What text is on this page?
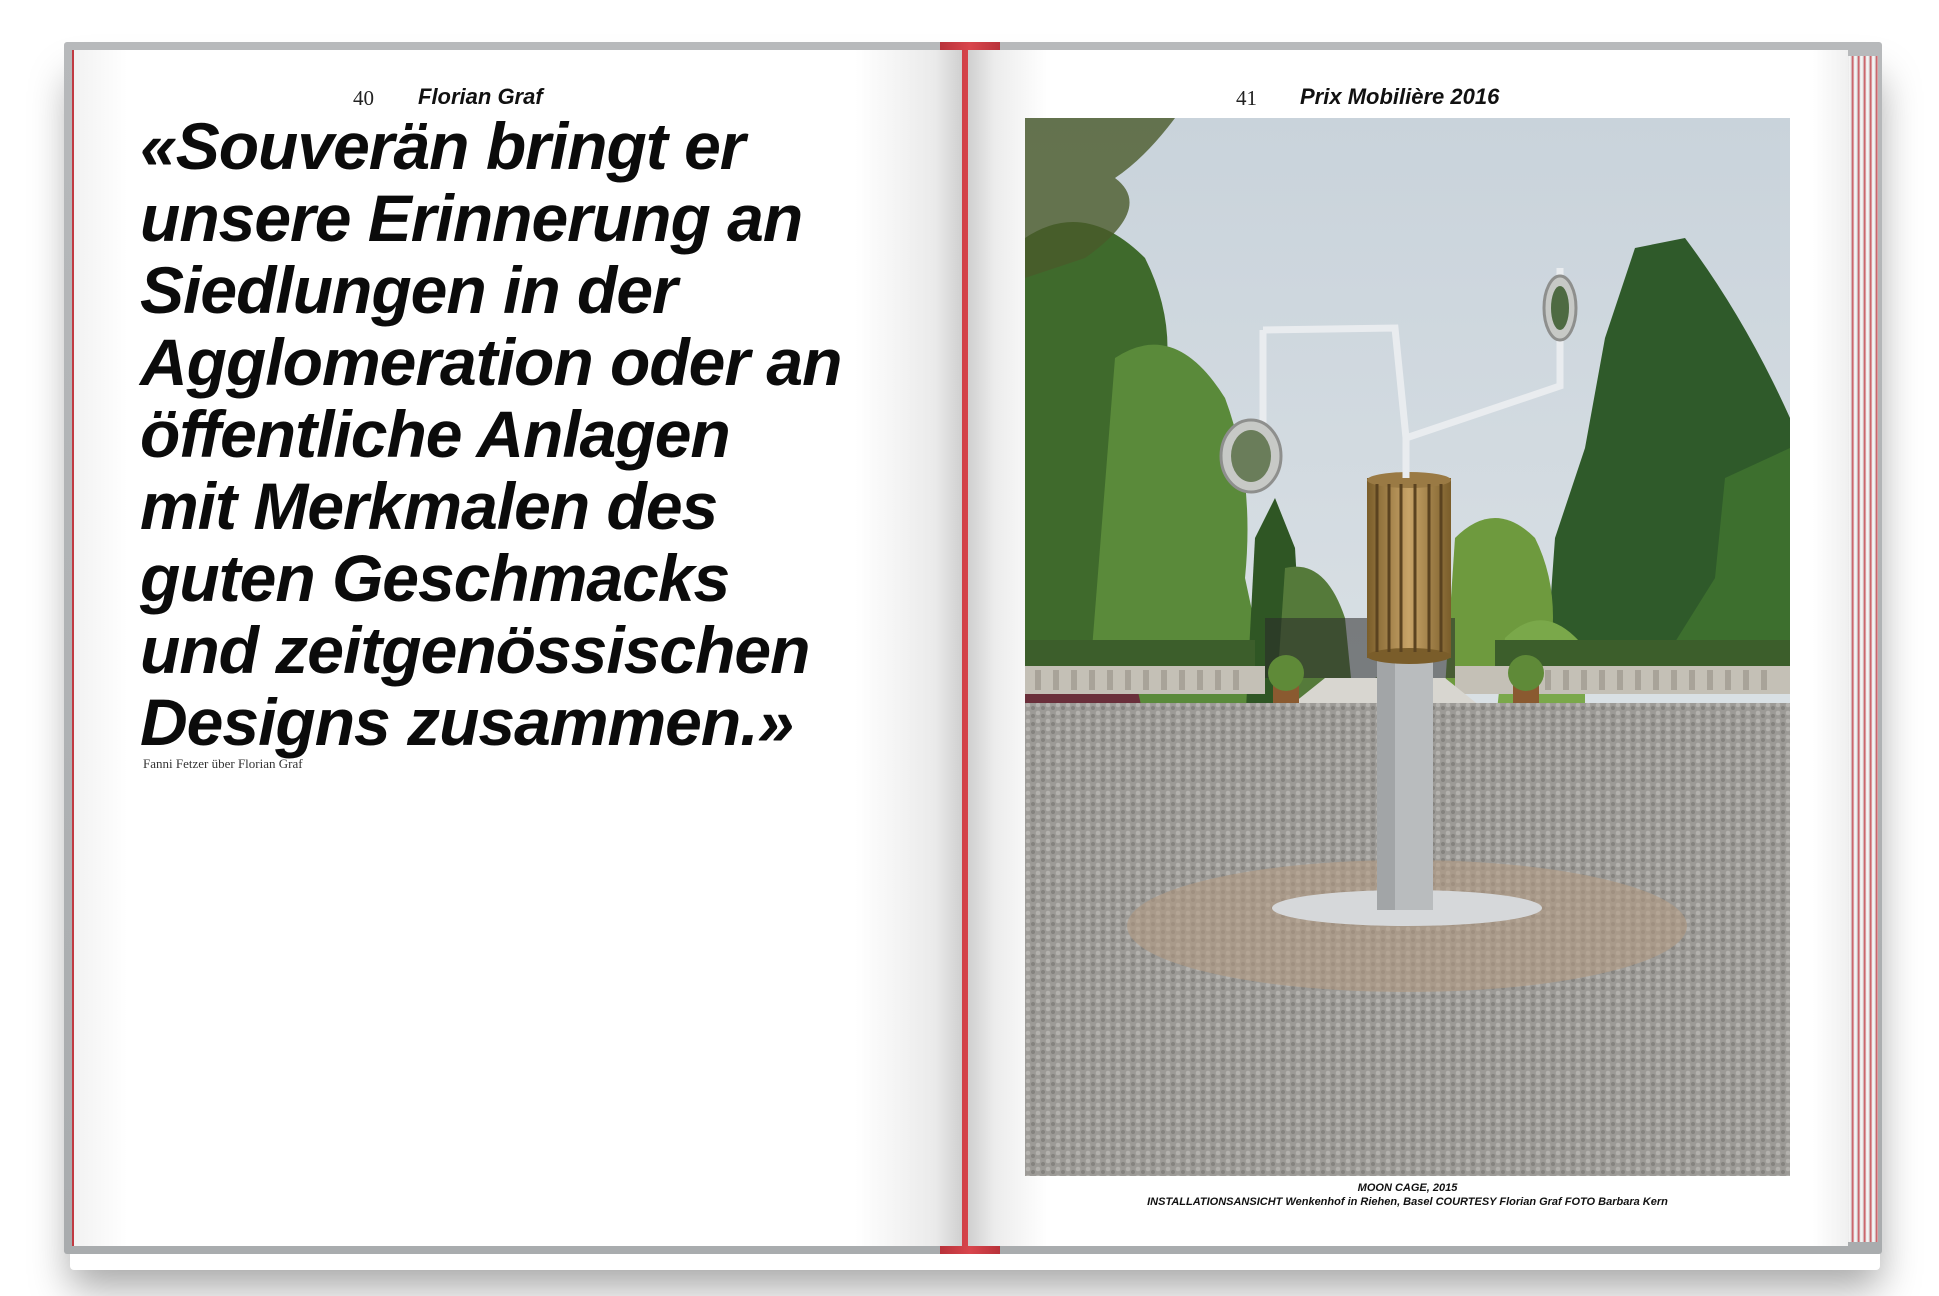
40 Florian Graf
«Souverän bringt er
unsere Erinnerung an
Siedlungen in der
Agglomeration oder an
öffentliche Anlagen
mit Merkmalen des
guten Geschmacks
und zeitgenössischen
Designs zusammen.»
Fanni Fetzer über Florian Graf
41 Prix Mobilière 2016
MOON CAGE, 2015
INSTALLATIONSANSICHT Wenkenhof in Riehen, Basel COURTESY Florian Graf FOTO Barbara Kern
